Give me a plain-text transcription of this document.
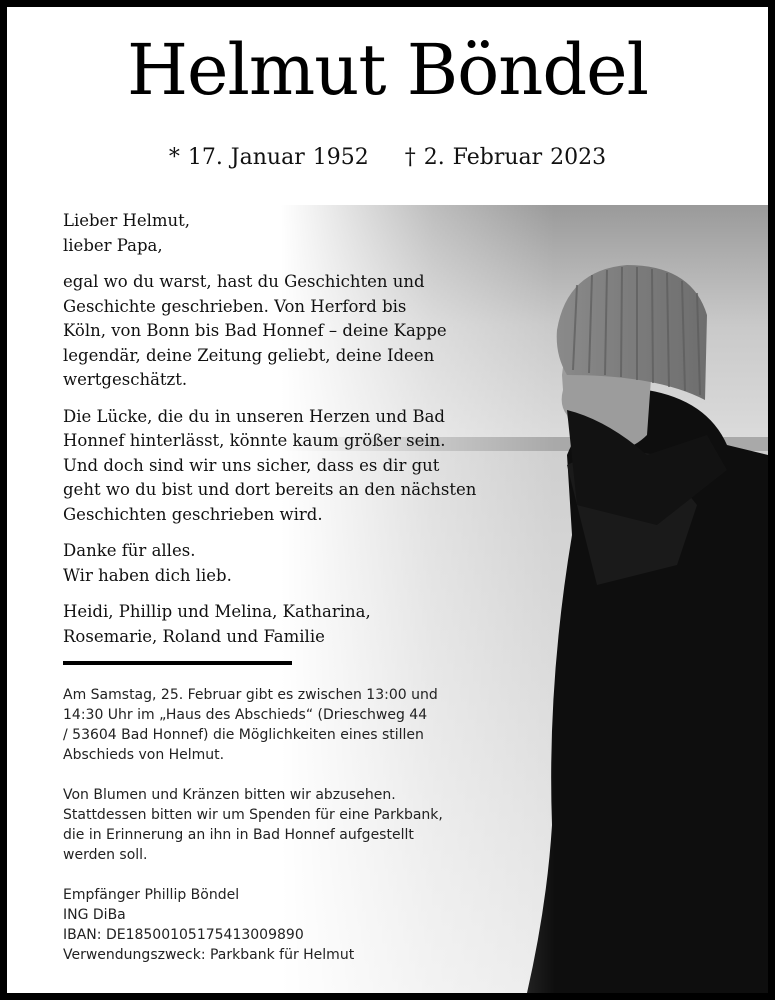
Helmut Böndel
* 17. Januar 1952 † 2. Februar 2023

Lieber Helmut,
lieber Papa,

egal wo du warst, hast du Geschichten und
Geschichte geschrieben. Von Herford bis
Köln, von Bonn bis Bad Honnef – deine Kappe
legendär, deine Zeitung geliebt, deine Ideen
wertgeschätzt.

Die Lücke, die du in unseren Herzen und Bad
Honnef hinterlässt, könnte kaum größer sein.
Und doch sind wir uns sicher, dass es dir gut
geht wo du bist und dort bereits an den nächsten
Geschichten geschrieben wird.

Danke für alles.
Wir haben dich lieb.

Heidi, Phillip und Melina, Katharina,
Rosemarie, Roland und Familie

Am Samstag, 25. Februar gibt es zwischen 13:00 und
14:30 Uhr im „Haus des Abschieds“ (Drieschweg 44
/ 53604 Bad Honnef) die Möglichkeiten eines stillen
Abschieds von Helmut.

Von Blumen und Kränzen bitten wir abzusehen.
Stattdessen bitten wir um Spenden für eine Parkbank,
die in Erinnerung an ihn in Bad Honnef aufgestellt
werden soll.

Empfänger Phillip Böndel
ING DiBa
IBAN: DE18500105175413009890
Verwendungszweck: Parkbank für Helmut
